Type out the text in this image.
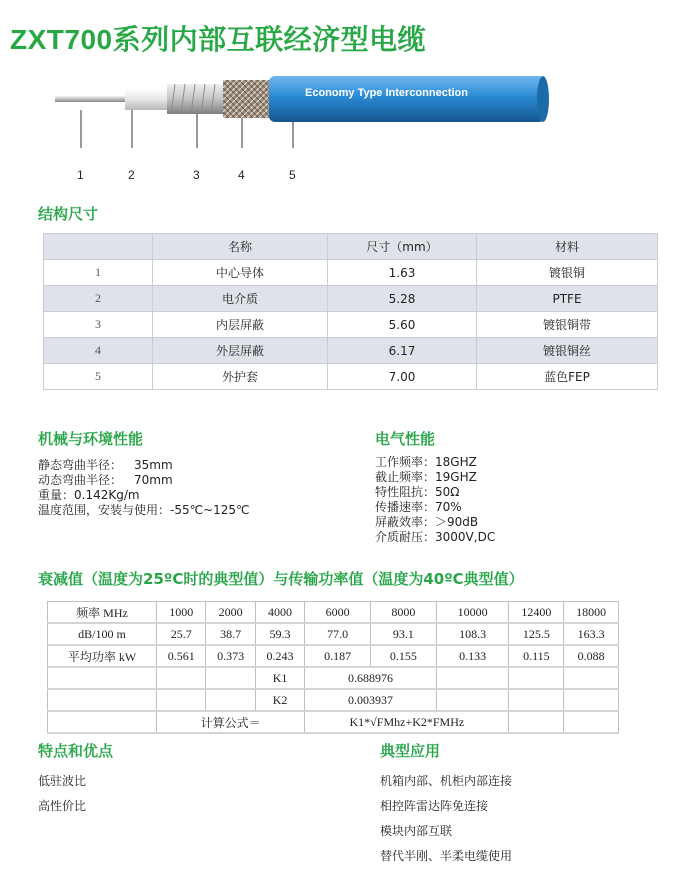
ZXT700系列内部互联经济型电缆
Economy Type Interconnection
1	2	3	4	5
结构尺寸
	名称	尺寸（mm）	材料
1	中心导体	1.63	镀银铜
2	电介质	5.28	PTFE
3	内层屏蔽	5.60	镀银铜带
4	外层屏蔽	6.17	镀银铜丝
5	外护套	7.00	蓝色FEP
机械与环境性能
静态弯曲半径： 35mm
动态弯曲半径： 70mm
重量：0.142Kg/m
温度范围，安装与使用：-55℃~125℃
电气性能
工作频率：18GHZ
截止频率：19GHZ
特性阻抗：50Ω
传播速率：70%
屏蔽效率：＞90dB
介质耐压：3000V,DC
衰减值（温度为25ºC时的典型值）与传输功率值（温度为40ºC典型值）
频率 MHz	1000	2000	4000	6000	8000	10000	12400	18000
dB/100 m	25.7	38.7	59.3	77.0	93.1	108.3	125.5	163.3
平均功率 kW	0.561	0.373	0.243	0.187	0.155	0.133	0.115	0.088
			K1	0.688976				
			K2	0.003937				
	计算公式＝			K1*√FMhz+K2*FMHz				
特点和优点
低驻波比
高性价比
典型应用
机箱内部、机柜内部连接
相控阵雷达阵免连接
模块内部互联
替代半刚、半柔电缆使用
